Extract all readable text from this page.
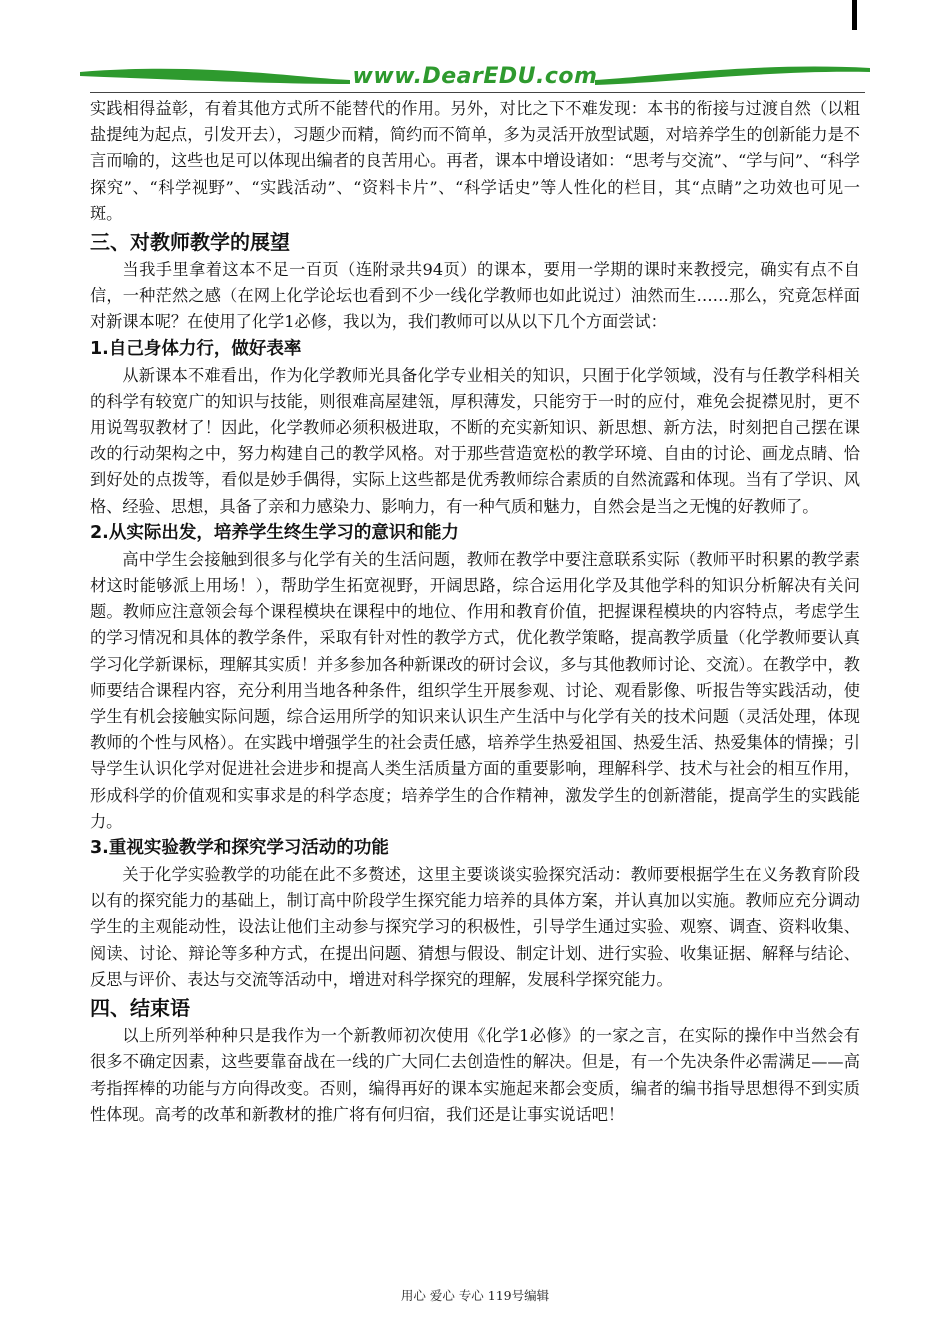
www.DearEDU.com

实践相得益彰，有着其他方式所不能替代的作用。另外，对比之下不难发现：本书的衔接与过渡自然（以粗盐提纯为起点，引发开去），习题少而精，简约而不简单，多为灵活开放型试题，对培养学生的创新能力是不言而喻的，这些也足可以体现出编者的良苦用心。再者，课本中增设诸如：“思考与交流”、“学与问”、“科学探究”、“科学视野”、“实践活动”、“资料卡片”、“科学话史”等人性化的栏目，其“点睛”之功效也可见一斑。

三、对教师教学的展望

当我手里拿着这本不足一百页（连附录共94页）的课本，要用一学期的课时来教授完，确实有点不自信，一种茫然之感（在网上化学论坛也看到不少一线化学教师也如此说过）油然而生……那么，究竟怎样面对新课本呢？在使用了化学1必修，我以为，我们教师可以从以下几个方面尝试：

1.自己身体力行，做好表率

从新课本不难看出，作为化学教师光具备化学专业相关的知识，只囿于化学领域，没有与任教学科相关的科学有较宽广的知识与技能，则很难高屋建瓴，厚积薄发，只能穷于一时的应付，难免会捉襟见肘，更不用说驾驭教材了！因此，化学教师必须积极进取，不断的充实新知识、新思想、新方法，时刻把自己摆在课改的行动架构之中，努力构建自己的教学风格。对于那些营造宽松的教学环境、自由的讨论、画龙点睛、恰到好处的点拨等，看似是妙手偶得，实际上这些都是优秀教师综合素质的自然流露和体现。当有了学识、风格、经验、思想，具备了亲和力感染力、影响力，有一种气质和魅力，自然会是当之无愧的好教师了。

2.从实际出发，培养学生终生学习的意识和能力

高中学生会接触到很多与化学有关的生活问题，教师在教学中要注意联系实际（教师平时积累的教学素材这时能够派上用场！），帮助学生拓宽视野，开阔思路，综合运用化学及其他学科的知识分析解决有关问题。教师应注意领会每个课程模块在课程中的地位、作用和教育价值，把握课程模块的内容特点，考虑学生的学习情况和具体的教学条件，采取有针对性的教学方式，优化教学策略，提高教学质量（化学教师要认真学习化学新课标，理解其实质！并多参加各种新课改的研讨会议，多与其他教师讨论、交流）。在教学中，教师要结合课程内容，充分利用当地各种条件，组织学生开展参观、讨论、观看影像、听报告等实践活动，使学生有机会接触实际问题，综合运用所学的知识来认识生产生活中与化学有关的技术问题（灵活处理，体现教师的个性与风格）。在实践中增强学生的社会责任感，培养学生热爱祖国、热爱生活、热爱集体的情操；引导学生认识化学对促进社会进步和提高人类生活质量方面的重要影响，理解科学、技术与社会的相互作用，形成科学的价值观和实事求是的科学态度；培养学生的合作精神，激发学生的创新潜能，提高学生的实践能力。

3.重视实验教学和探究学习活动的功能

关于化学实验教学的功能在此不多赘述，这里主要谈谈实验探究活动：教师要根据学生在义务教育阶段以有的探究能力的基础上，制订高中阶段学生探究能力培养的具体方案，并认真加以实施。教师应充分调动学生的主观能动性，设法让他们主动参与探究学习的积极性，引导学生通过实验、观察、调查、资料收集、阅读、讨论、辩论等多种方式，在提出问题、猜想与假设、制定计划、进行实验、收集证据、解释与结论、反思与评价、表达与交流等活动中，增进对科学探究的理解，发展科学探究能力。

四、结束语

以上所列举种种只是我作为一个新教师初次使用《化学1必修》的一家之言，在实际的操作中当然会有很多不确定因素，这些要靠奋战在一线的广大同仁去创造性的解决。但是，有一个先决条件必需满足——高考指挥棒的功能与方向得改变。否则，编得再好的课本实施起来都会变质，编者的编书指导思想得不到实质性体现。高考的改革和新教材的推广将有何归宿，我们还是让事实说话吧！

用心 爱心 专心 119号编辑
